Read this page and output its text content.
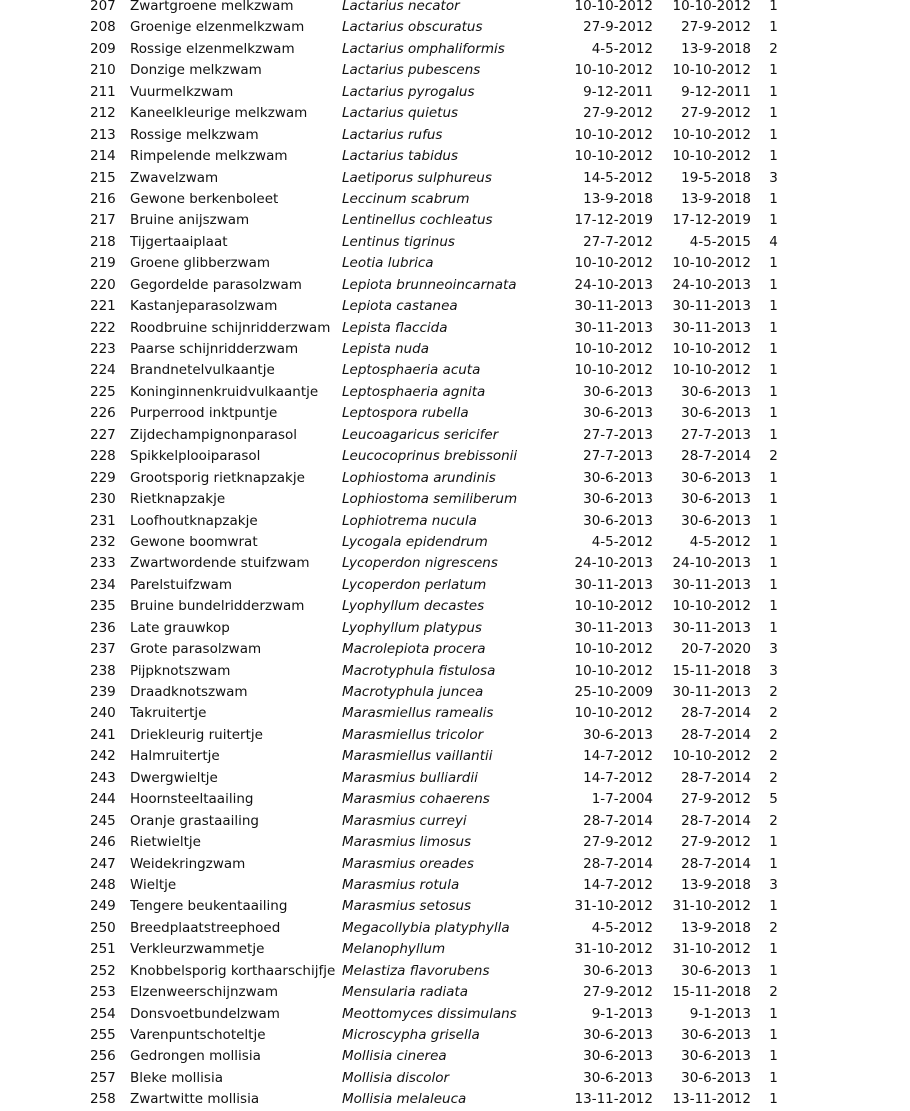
	207	Zwartgroene melkzwam	Lactarius necator	10-10-2012	10-10-2012	1	
	208	Groenige elzenmelkzwam	Lactarius obscuratus	27-9-2012	27-9-2012	1	
	209	Rossige elzenmelkzwam	Lactarius omphaliformis	4-5-2012	13-9-2018	2	
	210	Donzige melkzwam	Lactarius pubescens	10-10-2012	10-10-2012	1	
	211	Vuurmelkzwam	Lactarius pyrogalus	9-12-2011	9-12-2011	1	
	212	Kaneelkleurige melkzwam	Lactarius quietus	27-9-2012	27-9-2012	1	
	213	Rossige melkzwam	Lactarius rufus	10-10-2012	10-10-2012	1	
	214	Rimpelende melkzwam	Lactarius tabidus	10-10-2012	10-10-2012	1	
	215	Zwavelzwam	Laetiporus sulphureus	14-5-2012	19-5-2018	3	
	216	Gewone berkenboleet	Leccinum scabrum	13-9-2018	13-9-2018	1	
	217	Bruine anijszwam	Lentinellus cochleatus	17-12-2019	17-12-2019	1	
	218	Tijgertaaiplaat	Lentinus tigrinus	27-7-2012	4-5-2015	4	
	219	Groene glibberzwam	Leotia lubrica	10-10-2012	10-10-2012	1	
	220	Gegordelde parasolzwam	Lepiota brunneoincarnata	24-10-2013	24-10-2013	1	
	221	Kastanjeparasolzwam	Lepiota castanea	30-11-2013	30-11-2013	1	
	222	Roodbruine schijnridderzwam	Lepista flaccida	30-11-2013	30-11-2013	1	
	223	Paarse schijnridderzwam	Lepista nuda	10-10-2012	10-10-2012	1	
	224	Brandnetelvulkaantje	Leptosphaeria acuta	10-10-2012	10-10-2012	1	
	225	Koninginnenkruidvulkaantje	Leptosphaeria agnita	30-6-2013	30-6-2013	1	
	226	Purperrood inktpuntje	Leptospora rubella	30-6-2013	30-6-2013	1	
	227	Zijdechampignonparasol	Leucoagaricus sericifer	27-7-2013	27-7-2013	1	
	228	Spikkelplooiparasol	Leucocoprinus brebissonii	27-7-2013	28-7-2014	2	
	229	Grootsporig rietknapzakje	Lophiostoma arundinis	30-6-2013	30-6-2013	1	
	230	Rietknapzakje	Lophiostoma semiliberum	30-6-2013	30-6-2013	1	
	231	Loofhoutknapzakje	Lophiotrema nucula	30-6-2013	30-6-2013	1	
	232	Gewone boomwrat	Lycogala epidendrum	4-5-2012	4-5-2012	1	
	233	Zwartwordende stuifzwam	Lycoperdon nigrescens	24-10-2013	24-10-2013	1	
	234	Parelstuifzwam	Lycoperdon perlatum	30-11-2013	30-11-2013	1	
	235	Bruine bundelridderzwam	Lyophyllum decastes	10-10-2012	10-10-2012	1	
	236	Late grauwkop	Lyophyllum platypus	30-11-2013	30-11-2013	1	
	237	Grote parasolzwam	Macrolepiota procera	10-10-2012	20-7-2020	3	
	238	Pijpknotszwam	Macrotyphula fistulosa	10-10-2012	15-11-2018	3	
	239	Draadknotszwam	Macrotyphula juncea	25-10-2009	30-11-2013	2	
	240	Takruitertje	Marasmiellus ramealis	10-10-2012	28-7-2014	2	
	241	Driekleurig ruitertje	Marasmiellus tricolor	30-6-2013	28-7-2014	2	
	242	Halmruitertje	Marasmiellus vaillantii	14-7-2012	10-10-2012	2	
	243	Dwergwieltje	Marasmius bulliardii	14-7-2012	28-7-2014	2	
	244	Hoornsteeltaailing	Marasmius cohaerens	1-7-2004	27-9-2012	5	
	245	Oranje grastaailing	Marasmius curreyi	28-7-2014	28-7-2014	2	
	246	Rietwieltje	Marasmius limosus	27-9-2012	27-9-2012	1	
	247	Weidekringzwam	Marasmius oreades	28-7-2014	28-7-2014	1	
	248	Wieltje	Marasmius rotula	14-7-2012	13-9-2018	3	
	249	Tengere beukentaailing	Marasmius setosus	31-10-2012	31-10-2012	1	
	250	Breedplaatstreephoed	Megacollybia platyphylla	4-5-2012	13-9-2018	2	
	251	Verkleurzwammetje	Melanophyllum	31-10-2012	31-10-2012	1	
	252	Knobbelsporig korthaarschijfje	Melastiza flavorubens	30-6-2013	30-6-2013	1	
	253	Elzenweerschijnzwam	Mensularia radiata	27-9-2012	15-11-2018	2	
	254	Donsvoetbundelzwam	Meottomyces dissimulans	9-1-2013	9-1-2013	1	
	255	Varenpuntschoteltje	Microscypha grisella	30-6-2013	30-6-2013	1	
	256	Gedrongen mollisia	Mollisia cinerea	30-6-2013	30-6-2013	1	
	257	Bleke mollisia	Mollisia discolor	30-6-2013	30-6-2013	1	
	258	Zwartwitte mollisia	Mollisia melaleuca	13-11-2012	13-11-2012	1	
